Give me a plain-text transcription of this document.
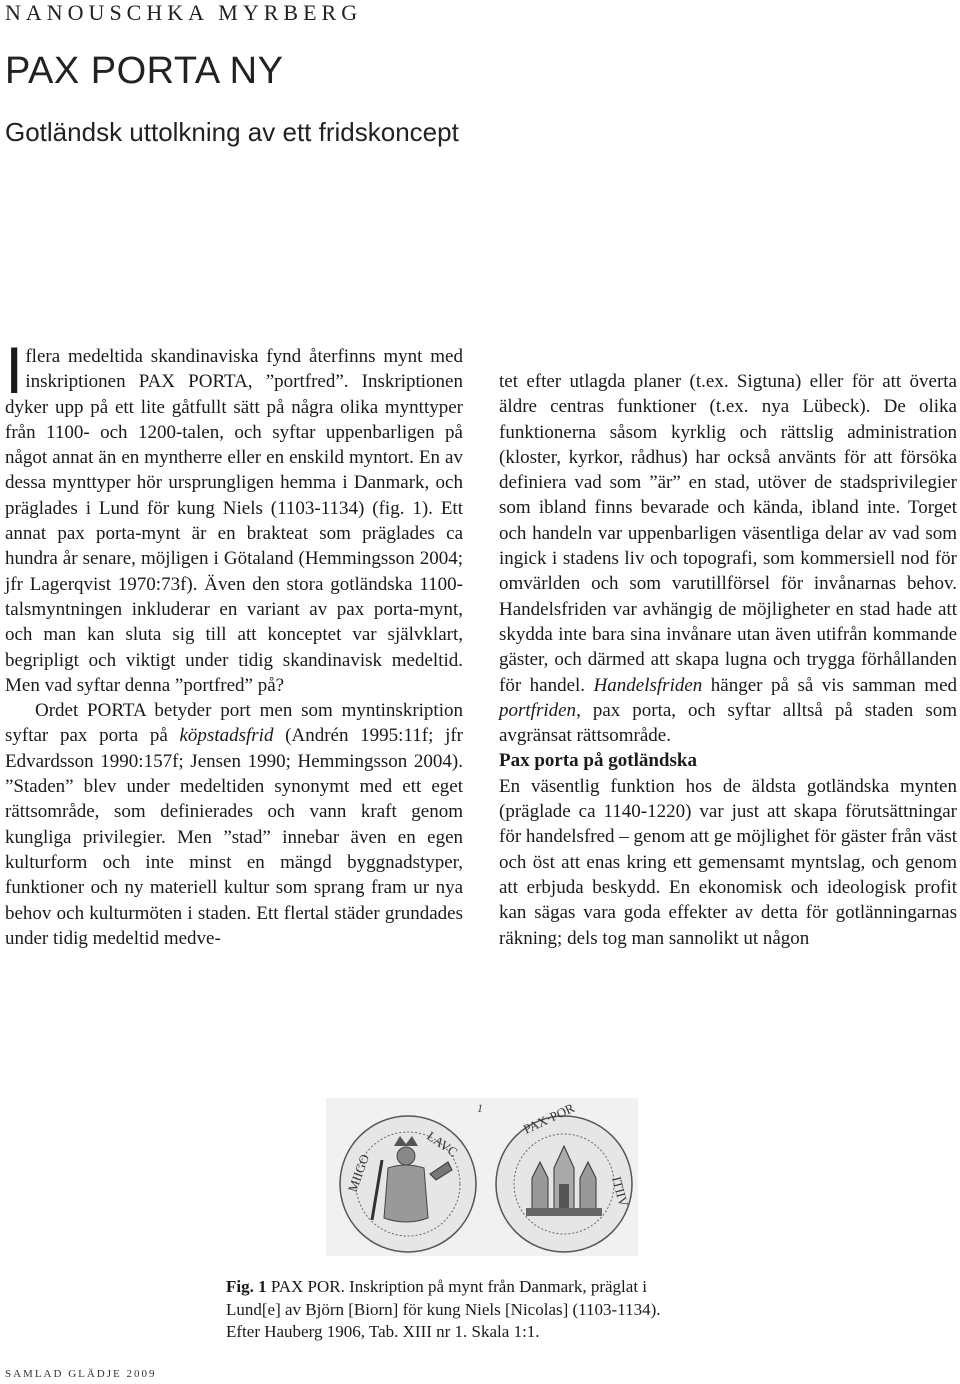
NANOUSCHKA MYRBERG
PAX PORTA NY
Gotländsk uttolkning av ett fridskoncept

I flera medeltida skandinaviska fynd återfinns mynt med inskriptionen PAX PORTA, ”portfred”. Inskriptionen dyker upp på ett lite gåtfullt sätt på några olika mynttyper från 1100- och 1200-talen, och syftar uppenbarligen på något annat än en myntherre eller en enskild myntort. En av dessa mynttyper hör ursprungligen hemma i Danmark, och präglades i Lund för kung Niels (1103-1134) (fig. 1). Ett annat pax porta-mynt är en brakteat som präglades ca hundra år senare, möjligen i Götaland (Hemmingsson 2004; jfr Lagerqvist 1970:73f). Även den stora gotländska 1100-talsmyntningen inkluderar en variant av pax porta-mynt, och man kan sluta sig till att konceptet var självklart, begripligt och viktigt under tidig skandinavisk medeltid. Men vad syftar denna ”portfred” på?

Ordet PORTA betyder port men som myntinskription syftar pax porta på köpstadsfrid (Andrén 1995:11f; jfr Edvardsson 1990:157f; Jensen 1990; Hemmingsson 2004). ”Staden” blev under medeltiden synonymt med ett eget rättsområde, som definierades och vann kraft genom kungliga privilegier. Men ”stad” innebar även en egen kulturform och inte minst en mängd byggnadstyper, funktioner och ny materiell kultur som sprang fram ur nya behov och kulturmöten i staden. Ett flertal städer grundades under tidig medeltid medve-

tet efter utlagda planer (t.ex. Sigtuna) eller för att överta äldre centras funktioner (t.ex. nya Lübeck). De olika funktionerna såsom kyrklig och rättslig administration (kloster, kyrkor, rådhus) har också använts för att försöka definiera vad som ”är” en stad, utöver de stadsprivilegier som ibland finns bevarade och kända, ibland inte. Torget och handeln var uppenbarligen väsentliga delar av vad som ingick i stadens liv och topografi, som kommersiell nod för omvärlden och som varutillförsel för invånarnas behov. Handelsfriden var avhängig de möjligheter en stad hade att skydda inte bara sina invånare utan även utifrån kommande gäster, och därmed att skapa lugna och trygga förhållanden för handel. Handelsfriden hänger på så vis samman med portfriden, pax porta, och syftar alltså på staden som avgränsat rättsområde.

Pax porta på gotländska

En väsentlig funktion hos de äldsta gotländska mynten (präglade ca 1140-1220) var just att skapa förutsättningar för handelsfred – genom att ge möjlighet för gäster från väst och öst att enas kring ett gemensamt myntslag, och genom att erbjuda beskydd. En ekonomisk och ideologisk profit kan sägas vara goda effekter av detta för gotlänningarnas räkning; dels tog man sannolikt ut någon

1
MIIGO
LAVC
PAX·POR
ITIIV
Fig. 1 PAX POR. Inskription på mynt från Danmark, präglat i
Lund[e] av Björn [Biorn] för kung Niels [Nicolas] (1103-1134).
Efter Hauberg 1906, Tab. XIII nr 1. Skala 1:1.
SAMLAD GLÄDJE 2009
